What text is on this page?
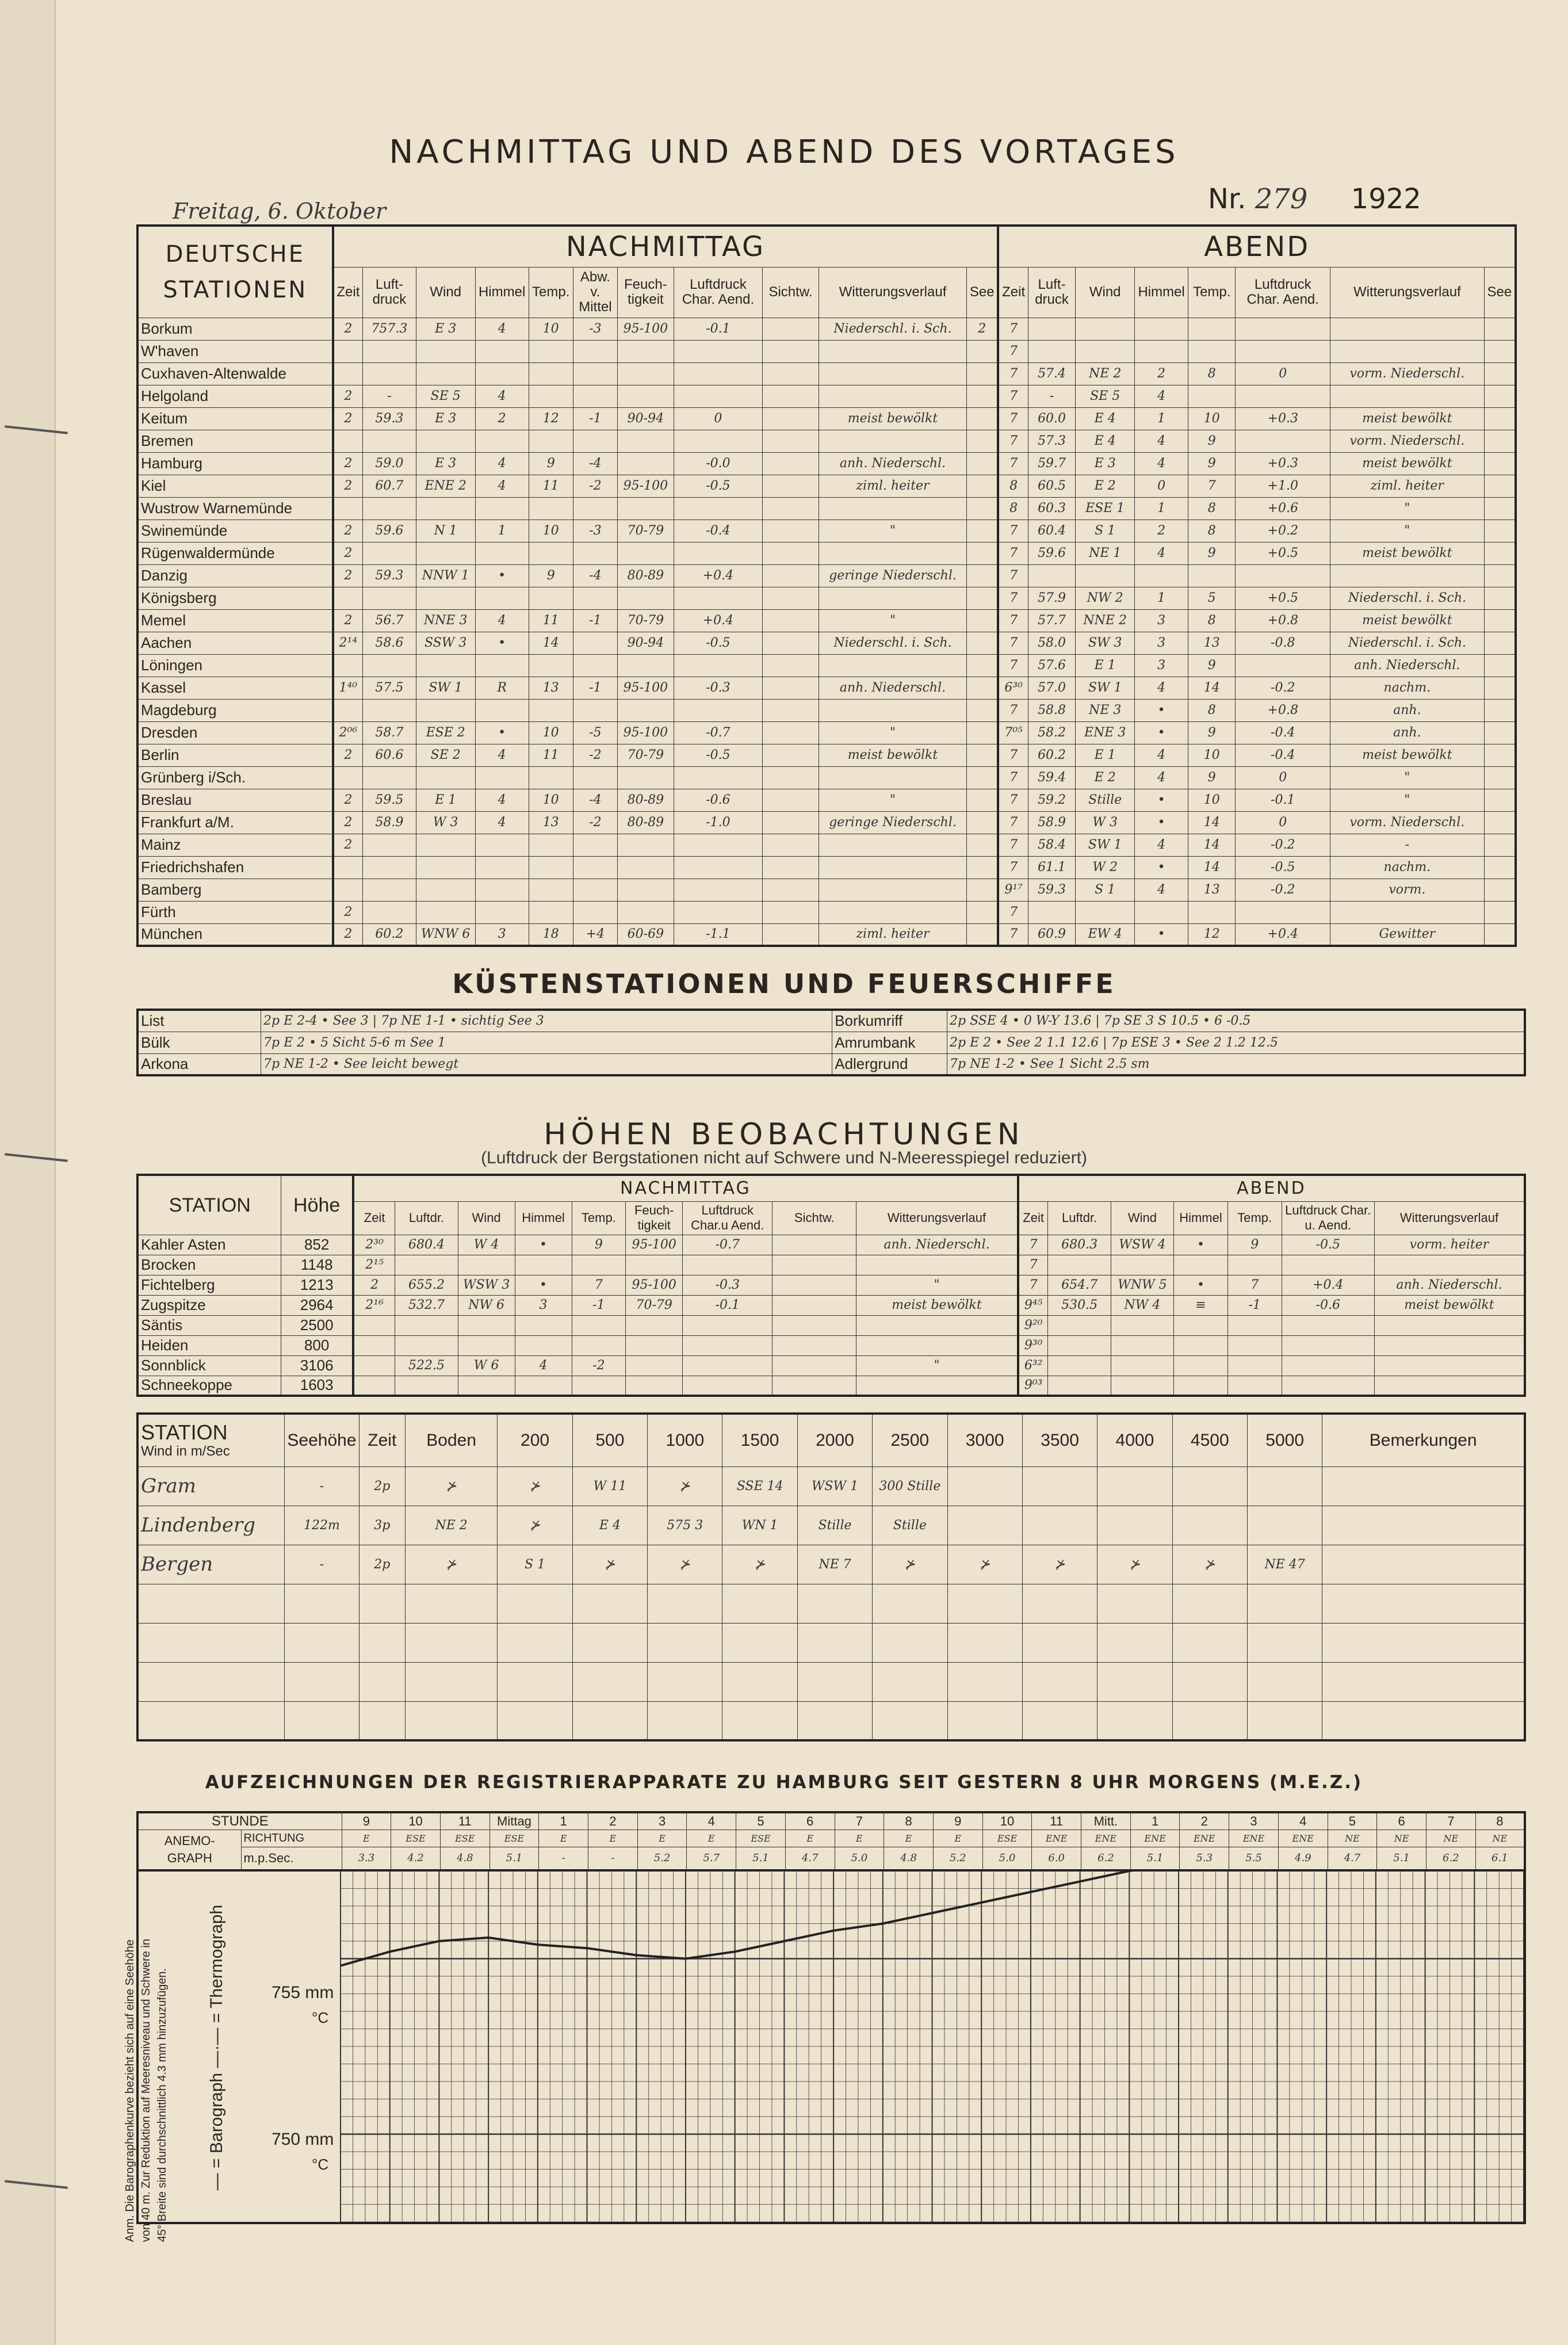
NACHMITTAG UND ABEND DES VORTAGES
Freitag, 6. Oktober	Nr. 279 1922
DEUTSCHE
STATIONEN	NACHMITTAG											ABEND							
	Zeit	Luft-druck	Wind	Himmel	Temp.	Abw. v. Mittel	Feuch-tigkeit	Luftdruck Char. Aend.	Sichtw.	Witterungsverlauf	See	Zeit	Luft-druck	Wind	Himmel	Temp.	Luftdruck Char. Aend.	Witterungsverlauf	See
Borkum	2	757.3	E 3	4	10	-3	95-100	-0.1		Niederschl. i. Sch.	2	7							
W'haven												7							
Cuxhaven-Altenwalde												7	57.4	NE 2	2	8	0	vorm. Niederschl.	
Helgoland	2	-	SE 5	4								7	-	SE 5	4				
Keitum	2	59.3	E 3	2	12	-1	90-94	0		meist bewölkt		7	60.0	E 4	1	10	+0.3	meist bewölkt	
Bremen												7	57.3	E 4	4	9		vorm. Niederschl.	
Hamburg	2	59.0	E 3	4	9	-4		-0.0		anh. Niederschl.		7	59.7	E 3	4	9	+0.3	meist bewölkt	
Kiel	2	60.7	ENE 2	4	11	-2	95-100	-0.5		ziml. heiter		8	60.5	E 2	0	7	+1.0	ziml. heiter	
Wustrow Warnemünde												8	60.3	ESE 1	1	8	+0.6	"	
Swinemünde	2	59.6	N 1	1	10	-3	70-79	-0.4		"		7	60.4	S 1	2	8	+0.2	"	
Rügenwaldermünde	2											7	59.6	NE 1	4	9	+0.5	meist bewölkt	
Danzig	2	59.3	NNW 1	•	9	-4	80-89	+0.4		geringe Niederschl.		7							
Königsberg												7	57.9	NW 2	1	5	+0.5	Niederschl. i. Sch.	
Memel	2	56.7	NNE 3	4	11	-1	70-79	+0.4		"		7	57.7	NNE 2	3	8	+0.8	meist bewölkt	
Aachen	2¹⁴	58.6	SSW 3	•	14		90-94	-0.5		Niederschl. i. Sch.		7	58.0	SW 3	3	13	-0.8	Niederschl. i. Sch.	
Löningen												7	57.6	E 1	3	9		anh. Niederschl.	
Kassel	1⁴⁰	57.5	SW 1	R	13	-1	95-100	-0.3		anh. Niederschl.		6³⁰	57.0	SW 1	4	14	-0.2	nachm.	
Magdeburg												7	58.8	NE 3	•	8	+0.8	anh.	
Dresden	2⁰⁶	58.7	ESE 2	•	10	-5	95-100	-0.7		"		7⁰⁵	58.2	ENE 3	•	9	-0.4	anh.	
Berlin	2	60.6	SE 2	4	11	-2	70-79	-0.5		meist bewölkt		7	60.2	E 1	4	10	-0.4	meist bewölkt	
Grünberg i/Sch.												7	59.4	E 2	4	9	0	"	
Breslau	2	59.5	E 1	4	10	-4	80-89	-0.6		"		7	59.2	Stille	•	10	-0.1	"	
Frankfurt a/M.	2	58.9	W 3	4	13	-2	80-89	-1.0		geringe Niederschl.		7	58.9	W 3	•	14	0	vorm. Niederschl.	
Mainz	2											7	58.4	SW 1	4	14	-0.2	-	
Friedrichshafen												7	61.1	W 2	•	14	-0.5	nachm.	
Bamberg												9¹⁷	59.3	S 1	4	13	-0.2	vorm.	
Fürth	2											7							
München	2	60.2	WNW 6	3	18	+4	60-69	-1.1		ziml. heiter		7	60.9	EW 4	•	12	+0.4	Gewitter	
KÜSTENSTATIONEN UND FEUERSCHIFFE
List	2p E 2-4 • See 3 | 7p NE 1-1 • sichtig See 3	Borkumriff	2p SSE 4 • 0 W-Y 13.6 | 7p SE 3 S 10.5 • 6 -0.5
Bülk	7p E 2 • 5 Sicht 5-6 m See 1	Amrumbank	2p E 2 • See 2 1.1 12.6 | 7p ESE 3 • See 2 1.2 12.5
Arkona	7p NE 1-2 • See leicht bewegt	Adlergrund	7p NE 1-2 • See 1 Sicht 2.5 sm
HÖHEN BEOBACHTUNGEN
(Luftdruck der Bergstationen nicht auf Schwere und N-Meeresspiegel reduziert)
STATION	Höhe	NACHMITTAG									ABEND						
		Zeit	Luftdr.	Wind	Himmel	Temp.	Feuch-tigkeit	Luftdruck Char.u Aend.	Sichtw.	Witterungsverlauf	Zeit	Luftdr.	Wind	Himmel	Temp.	Luftdruck Char. u. Aend.	Witterungsverlauf
Kahler Asten	852	2³⁰	680.4	W 4	•	9	95-100	-0.7		anh. Niederschl.	7	680.3	WSW 4	•	9	-0.5	vorm. heiter
Brocken	1148	2¹⁵									7						
Fichtelberg	1213	2	655.2	WSW 3	•	7	95-100	-0.3		"	7	654.7	WNW 5	•	7	+0.4	anh. Niederschl.
Zugspitze	2964	2¹⁶	532.7	NW 6	3	-1	70-79	-0.1		meist bewölkt	9⁴⁵	530.5	NW 4	≡	-1	-0.6	meist bewölkt
Säntis	2500										9²⁰						
Heiden	800										9³⁰						
Sonnblick	3106		522.5	W 6	4	-2				"	6³²						
Schneekoppe	1603										9⁰³						
STATION
Wind in m/Sec	Seehöhe	Zeit	Boden	200	500	1000	1500	2000	2500	3000	3500	4000	4500	5000	Bemerkungen
Gram	-	2p	⊁	⊁	W 11	⊁	SSE 14	WSW 1	300 Stille						
Lindenberg	122m	3p	NE 2	⊁	E 4	575 3	WN 1	Stille	Stille						
Bergen	-	2p	⊁	S 1	⊁	⊁	⊁	NE 7	⊁	⊁	⊁	⊁	⊁	NE 47	

AUFZEICHNUNGEN DER REGISTRIERAPPARATE ZU HAMBURG SEIT GESTERN 8 UHR MORGENS (M.E.Z.)
STUNDE		9	10	11	Mittag	1	2	3	4	5	6	7	8	9	10	11	Mitt.	1	2	3	4	5	6	7	8

ANEMO-
GRAPH	RICHTUNG	E	ESE	ESE	ESE	E	E	E	E	ESE	E	E	E	E	ESE	ENE	ENE	ENE	ENE	ENE	ENE	NE	NE	NE	NE
	m.p.Sec.	3.3	4.2	4.8	5.1	-	-	5.2	5.7	5.1	4.7	5.0	4.8	5.2	5.0	6.0	6.2	5.1	5.3	5.5	4.9	4.7	5.1	6.2	6.1
— = Barograph —·— = Thermograph
Anm. Die Barographenkurve bezieht sich auf eine Seehöhe von 40 m. Zur Reduktion auf Meeresniveau und Schwere in 45° Breite sind durchschnittlich 4.3 mm hinzuzufügen.	755 mm
°C
750 mm
°C
